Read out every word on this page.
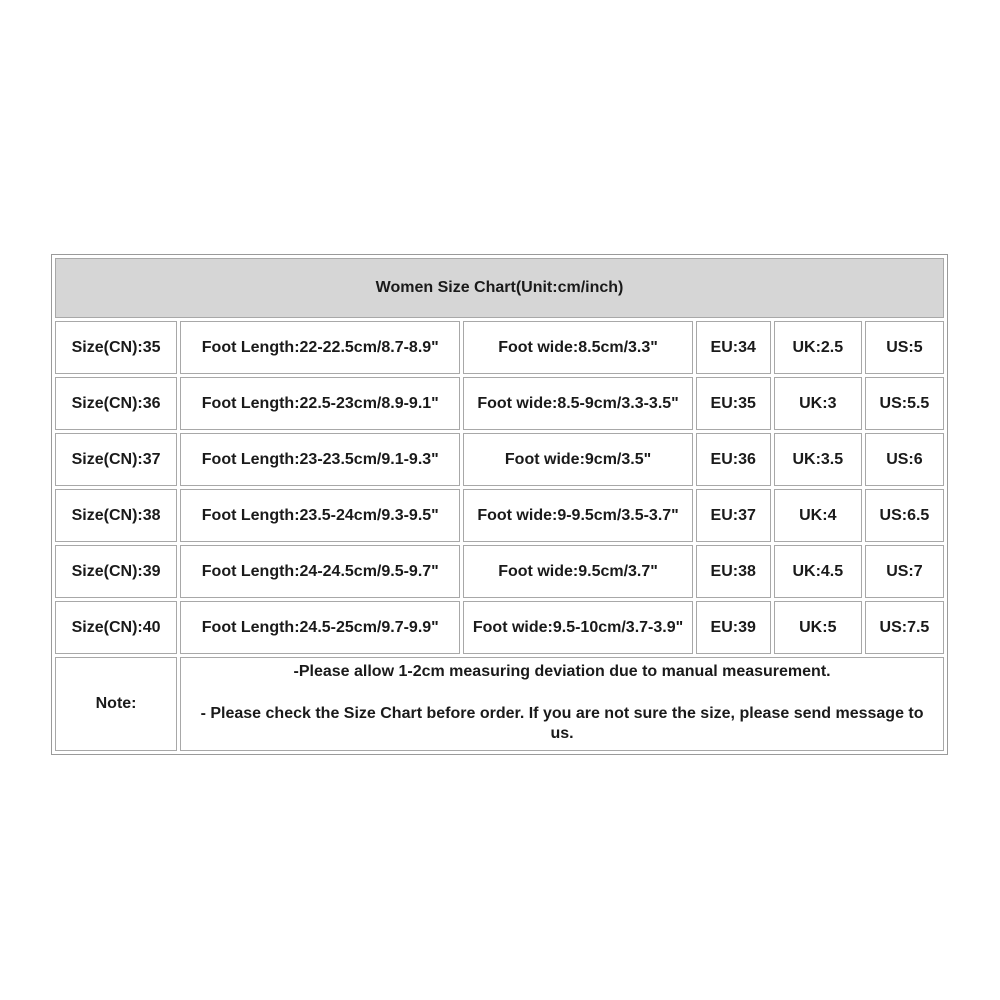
Women Size Chart(Unit:cm/inch)					
Size(CN):35	Foot Length:22-22.5cm/8.7-8.9"	Foot wide:8.5cm/3.3"	EU:34	UK:2.5	US:5
Size(CN):36	Foot Length:22.5-23cm/8.9-9.1"	Foot wide:8.5-9cm/3.3-3.5"	EU:35	UK:3	US:5.5
Size(CN):37	Foot Length:23-23.5cm/9.1-9.3"	Foot wide:9cm/3.5"	EU:36	UK:3.5	US:6
Size(CN):38	Foot Length:23.5-24cm/9.3-9.5"	Foot wide:9-9.5cm/3.5-3.7"	EU:37	UK:4	US:6.5
Size(CN):39	Foot Length:24-24.5cm/9.5-9.7"	Foot wide:9.5cm/3.7"	EU:38	UK:4.5	US:7
Size(CN):40	Foot Length:24.5-25cm/9.7-9.9"	Foot wide:9.5-10cm/3.7-3.9"	EU:39	UK:5	US:7.5
Note:	-Please allow 1-2cm measuring deviation due to manual measurement.
- Please check the Size Chart before order. If you are not sure the size, please send message to us.				
